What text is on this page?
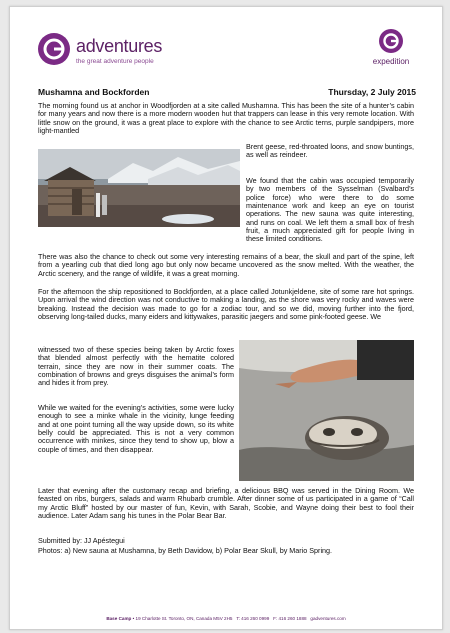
adventures
the great adventure people	expedition
Mushamna and Bockforden	Thursday, 2 July 2015

The morning found us at anchor in Woodfjorden at a site called Mushamna. This has been the site of a hunter’s cabin for many years and now there is a more modern wooden hut that trappers can lease in this very remote location. With little snow on the ground, it was a great place to explore with the chance to see Arctic terns, purple sandpipers, more light-mantled

Brent geese, red-throated loons, and snow buntings, as well as reindeer.

We found that the cabin was occupied temporarily by two members of the Sysselman (Svalbard’s police force) who were there to do some maintenance work and keep an eye on tourist operations. The new sauna was quite interesting, and runs on coal. We left them a small box of fresh fruit, a much appreciated gift for people living in these limited conditions.

There was also the chance to check out some very interesting remains of a bear, the skull and part of the spine, left from a yearling cub that died long ago but only now became uncovered as the snow melted. With the weather, the Arctic scenery, and the range of wildlife, it was a great morning.

For the afternoon the ship repositioned to Bockfjorden, at a place called Jotunkjeldene, site of some rare hot springs. Upon arrival the wind direction was not conductive to making a landing, as the shore was very rocky and waves were breaking. Instead the decision was made to go for a zodiac tour, and so we did, moving further into the fjord, observing long-tailed ducks, many eiders and kittywakes, parasitic jaegers and some pink-footed geese. We

witnessed two of these species being taken by Arctic foxes that blended almost perfectly with the hematite colored terrain, since they are now in their summer coats. The combination of browns and greys disguises the animal’s form and hides it from prey.

While we waited for the evening’s activities, some were lucky enough to see a minke whale in the vicinity, lunge feeding and at one point turning all the way upside down, so its white belly could be appreciated. This is not a very common occurrence with minkes, since they tend to show up, blow a couple of times, and then disappear.

Later that evening after the customary recap and briefing, a delicious BBQ was served in the Dining Room. We feasted on ribs, burgers, salads and warm Rhubarb crumble. After dinner some of us participated in a game of “Call my Arctic Bluff” hosted by our master of fun, Kevin, with Sarah, Scobie, and Wayne doing their best to fool their audience. Later Adam sang his tunes in the Polar Bear Bar.

Submitted by: JJ Apéstegui

Photos: a) New sauna at Mushamna, by Beth Davidow, b) Polar Bear Skull, by Mario Spring.

Base Camp • 19 Charlotte St. Toronto, ON, Canada M5V 2H5 T: 416 260 0999 F: 416 260 1888 gadventures.com
